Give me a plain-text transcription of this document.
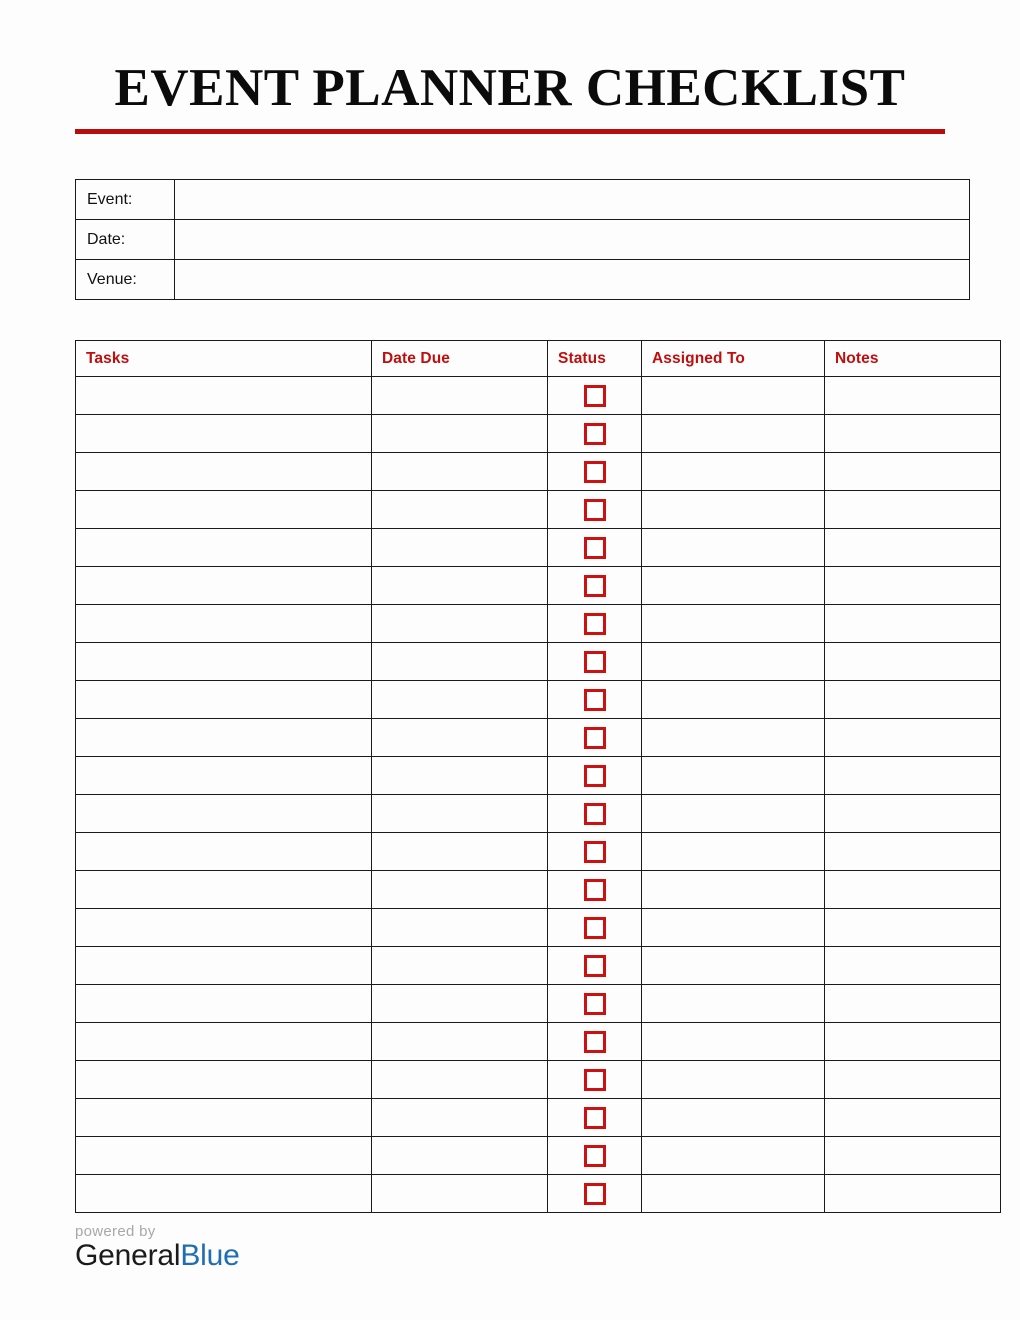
EVENT PLANNER CHECKLIST
Event:	
Date:	
Venue:	
Tasks	Date Due	Status	Assigned To	Notes

powered by
GeneralBlue
